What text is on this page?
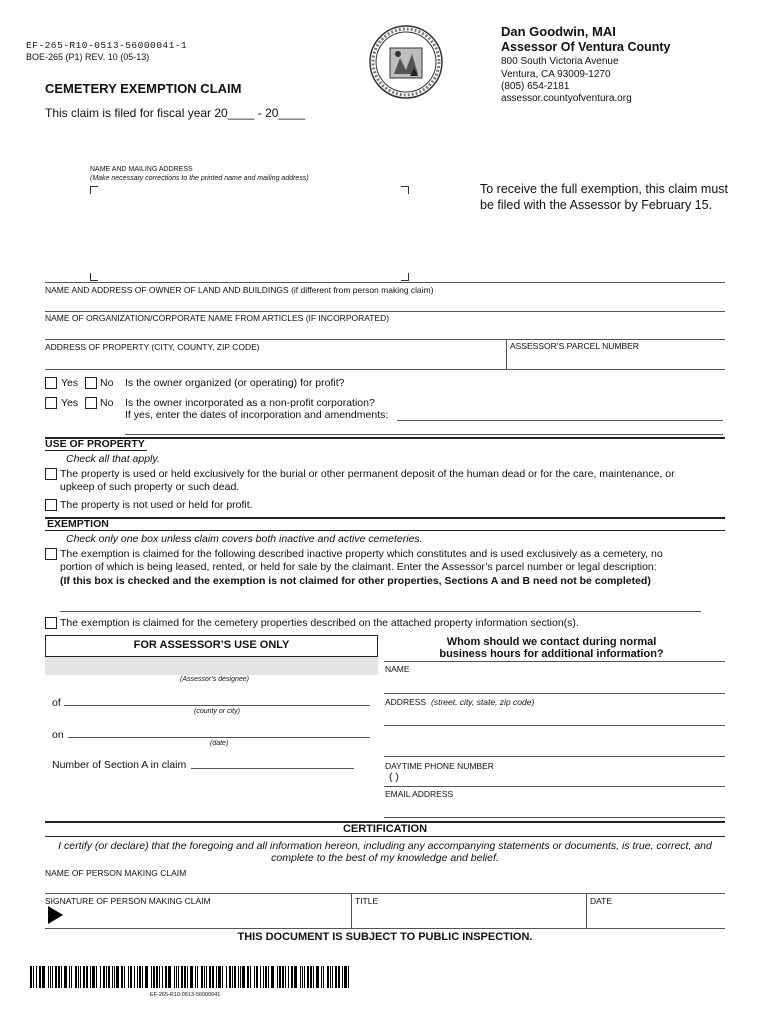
EF-265-R10-0513-56000041-1
BOE-265 (P1) REV. 10 (05-13)
CEMETERY EXEMPTION CLAIM
This claim is filed for fiscal year 20____ - 20____
Dan Goodwin, MAI
Assessor Of Ventura County
800 South Victoria Avenue
Ventura, CA 93009-1270
(805) 654-2181
assessor.countyofventura.org
NAME AND MAILING ADDRESS
(Make necessary corrections to the printed name and mailing address)
To receive the full exemption, this claim must
be filed with the Assessor by February 15.
NAME AND ADDRESS OF OWNER OF LAND AND BUILDINGS (if different from person making claim)
NAME OF ORGANIZATION/CORPORATE NAME FROM ARTICLES (IF INCORPORATED)
ADDRESS OF PROPERTY (CITY, COUNTY, ZIP CODE)	ASSESSOR’S PARCEL NUMBER
Yes No Is the owner organized (or operating) for profit?
Yes No Is the owner incorporated as a non-profit corporation?
If yes, enter the dates of incorporation and amendments:
USE OF PROPERTY
Check all that apply.
The property is used or held exclusively for the burial or other permanent deposit of the human dead or for the care, maintenance, or
upkeep of such property or such dead.
The property is not used or held for profit.
EXEMPTION
Check only one box unless claim covers both inactive and active cemeteries.
The exemption is claimed for the following described inactive property which constitutes and is used exclusively as a cemetery, no
portion of which is being leased, rented, or held for sale by the claimant. Enter the Assessor’s parcel number or legal description:
(If this box is checked and the exemption is not claimed for other properties, Sections A and B need not be completed)
The exemption is claimed for the cemetery properties described on the attached property information section(s).
FOR ASSESSOR’S USE ONLY
(Assessor’s designee)
of
(county or city)
on
(date)
Number of Section A in claim
Whom should we contact during normal
business hours for additional information?
NAME
ADDRESS (street, city, state, zip code)
DAYTIME PHONE NUMBER
( )
EMAIL ADDRESS
CERTIFICATION
I certify (or declare) that the foregoing and all information hereon, including any accompanying statements or documents, is true, correct, and
complete to the best of my knowledge and belief.
NAME OF PERSON MAKING CLAIM
SIGNATURE OF PERSON MAKING CLAIM	TITLE	DATE
THIS DOCUMENT IS SUBJECT TO PUBLIC INSPECTION.
EF-265-R10-0513-56000041
